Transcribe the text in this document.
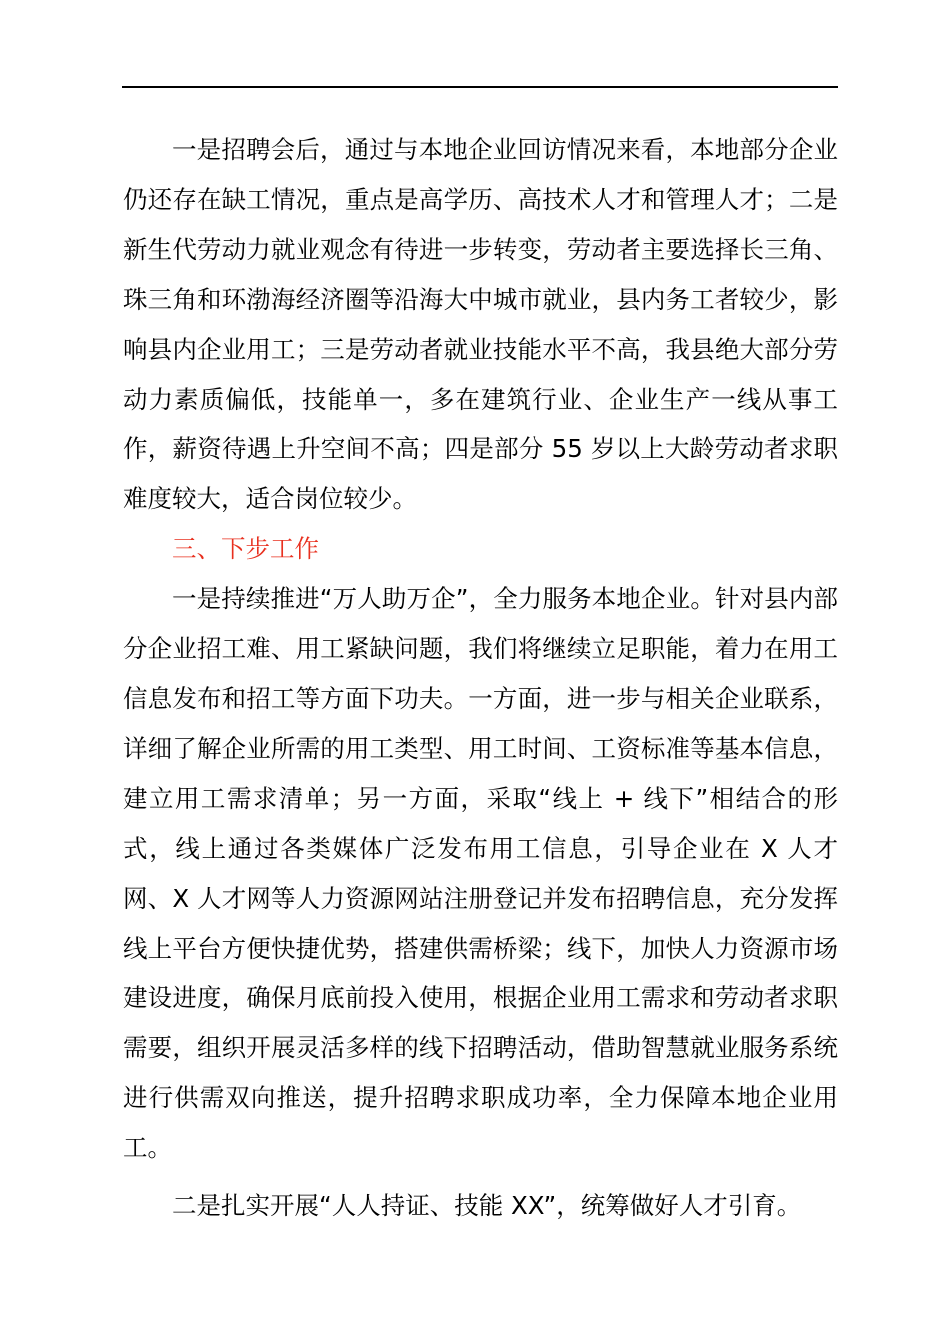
一是招聘会后，通过与本地企业回访情况来看，本地部分企业仍还存在缺工情况，重点是高学历、高技术人才和管理人才；二是新生代劳动力就业观念有待进一步转变，劳动者主要选择长三角、珠三角和环渤海经济圈等沿海大中城市就业，县内务工者较少，影响县内企业用工；三是劳动者就业技能水平不高，我县绝大部分劳动力素质偏低，技能单一，多在建筑行业、企业生产一线从事工作，薪资待遇上升空间不高；四是部分 55 岁以上大龄劳动者求职难度较大，适合岗位较少。

三、下步工作

一是持续推进“万人助万企”，全力服务本地企业。针对县内部分企业招工难、用工紧缺问题，我们将继续立足职能，着力在用工信息发布和招工等方面下功夫。一方面，进一步与相关企业联系，详细了解企业所需的用工类型、用工时间、工资标准等基本信息，建立用工需求清单；另一方面，采取“线上 + 线下”相结合的形式，线上通过各类媒体广泛发布用工信息，引导企业在 X 人才网、X 人才网等人力资源网站注册登记并发布招聘信息，充分发挥线上平台方便快捷优势，搭建供需桥梁；线下，加快人力资源市场建设进度，确保月底前投入使用，根据企业用工需求和劳动者求职需要，组织开展灵活多样的线下招聘活动，借助智慧就业服务系统进行供需双向推送，提升招聘求职成功率，全力保障本地企业用工。

二是扎实开展“人人持证、技能 XX”，统筹做好人才引育。
